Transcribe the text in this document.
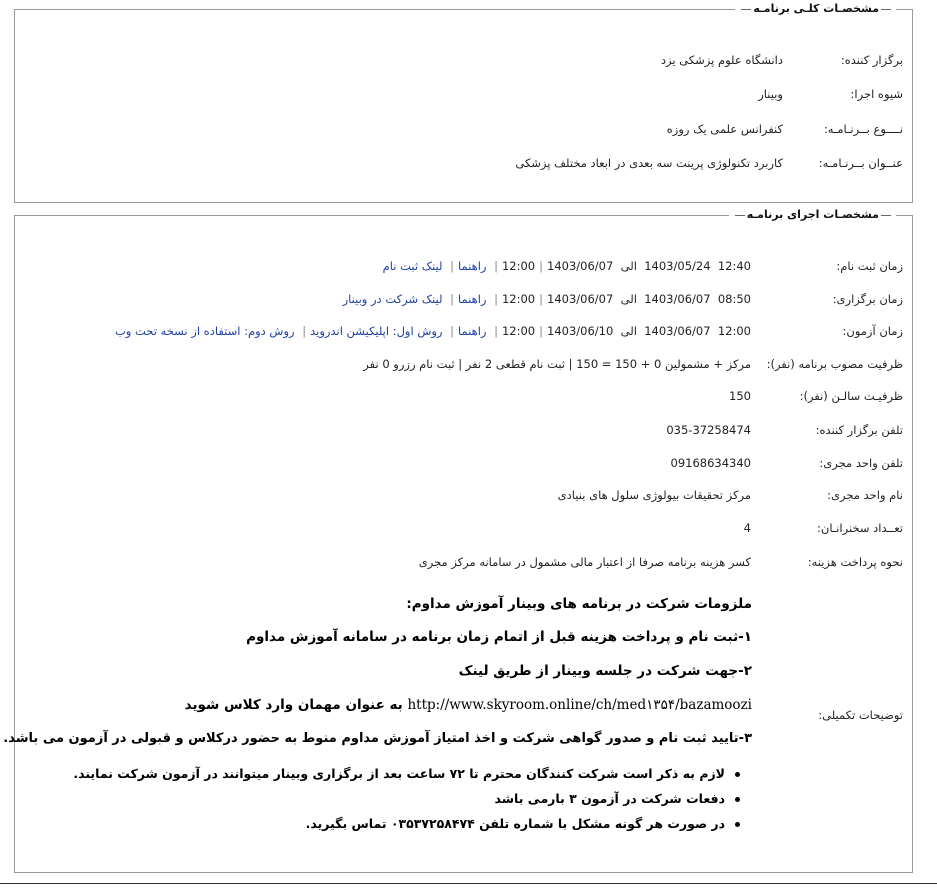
مشخصـات کلـی برنامـه
برگزار کننده:
دانشگاه علوم پزشکی یزد
شیوه اجرا:
وبینار
نــــوع بــرنـامـه:
کنفرانس علمی یک روزه
عنــوان بــرنـامـه:
کاربرد تکنولوژی پرینت سه بعدی در ابعاد مختلف پزشکی
مشخصـات اجرای برنامـه
زمان ثبت نام:
12:40  1403/05/24  الی  1403/06/07|12:00| راهنما| لینک ثبت نام
زمان برگزاری:
08:50  1403/06/07  الی  1403/06/07|12:00| راهنما| لینک شرکت در وبینار
زمان آزمون:
12:00  1403/06/07  الی  1403/06/10|12:00| راهنما| روش اول: اپلیکیشن اندروید| روش دوم: استفاده از نسخه تحت وب
ظرفیت مصوب برنامه (نفر):
مرکز + مشمولین 0 + 150 = 150 | ثبت نام قطعی 2 نفر | ثبت نام رزرو 0 نفر
ظرفیـت سالـن (نفر):
150
تلفن برگزار کننده:
035-37258474
تلفن واحد مجری:
09168634340
نام واحد مجری:
مرکز تحقیقات بیولوژی سلول های بنیادی
تعــداد سخنرانـان:
4
نحوه پرداخت هزینه:
کسر هزینه برنامه صرفا از اعتبار مالی مشمول در سامانه مرکز مجری
توضیحات تکمیلی:
ملزومات شرکت در برنامه های وبینار آموزش مداوم:
۱-ثبت نام و پرداخت هزینه قبل از اتمام زمان برنامه در سامانه آموزش مداوم
۲-جهت شرکت در جلسه وبینار از طریق لینک
http://www.skyroom.online/ch/med۱۳۵۴/bazamoozi به عنوان مهمان وارد کلاس شوید
۳-تایید ثبت نام و صدور گواهی شرکت و اخذ امتیاز آموزش مداوم منوط به حضور درکلاس و قبولی در آزمون می باشد.
لازم به ذکر است شرکت کنندگان محترم تا ۷۲ ساعت بعد از برگزاری وبینار میتوانند در آزمون شرکت نمایند.
دفعات شرکت در آزمون ۳ بارمی باشد
در صورت هر گونه مشکل با شماره تلفن ۰۳۵۳۷۲۵۸۴۷۴ تماس بگیرید.
